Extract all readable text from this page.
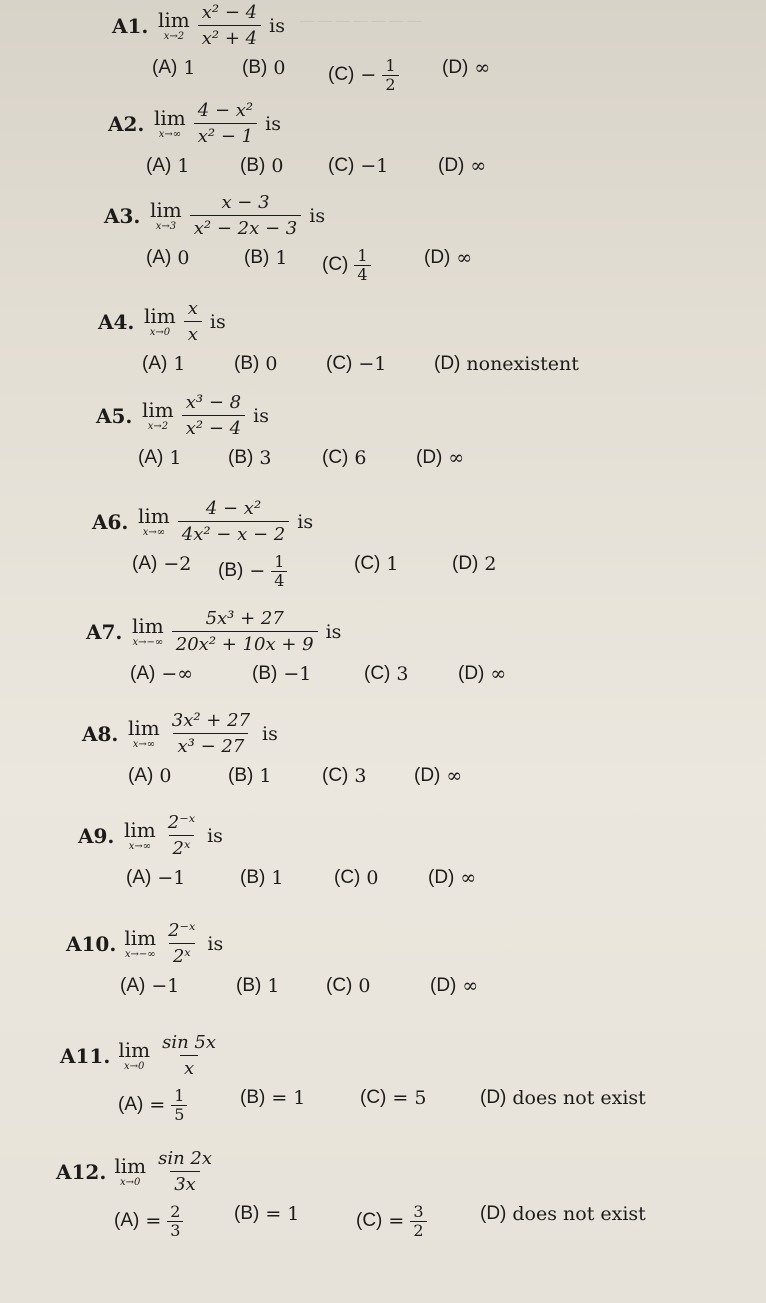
— — — — — — —
A1. lim
$x\to 2 \frac{\text{x² − 4}}{\text{x² + 4}}$ is
(A) 1 (B) 0 $(C) - \frac{1}{2} (D)$ ∞
A2. lim
$x\to\infty \frac{\text{4 − x²}}{\text{x² − 1}}$ is
(A) 1	(B) 0 (C) −1	(D) ∞
A3. lim
$x\to 3 \frac{x - 3}{\text{x² − 2x − 3}}$ is
(A) 0	(B) 1 $(C) \frac{1}{4}$	(D) ∞
A4. lim
$x\to 0 \frac{x}{x}$ is
(A) 1	(B) 0	(C) −1	(D) nonexistent
A5. lim
$x\to 2 \frac{\text{x³ − 8}}{\text{x² − 4}}$ is
(A) 1 (B) 3	(C) 6	(D) ∞
A6. lim
$x\to\infty \frac{\text{4 − x²}}{\text{4x² − x − 2}}$ is
(A) −2 $(B) - \frac{1}{4}$	(C) 1	(D) 2
A7. lim
$x\to-\infty \frac{\text{5x³ + 27}}{\text{20x² + 10x + 9}}$ is
(A) −∞	(B) −1	(C) 3	(D) ∞
A8. lim
$x\to\infty \frac{\text{3x² + 27}}{\text{x³ − 27}}$ is
(A) 0	(B) 1	(C) 3	(D) ∞
A9. lim
$x\to\infty \frac{\text{2⁻ˣ}}{\text{2ˣ}}$ is
(A) −1	(B) 1	(C) 0	(D) ∞
A10. lim
$x\to-\infty \frac{\text{2⁻ˣ}}{\text{2ˣ}}$ is
(A) −1	(B) 1 (C) 0	(D) ∞
A11. lim
$x\to 0 \frac{\sin 5x}{x}$
$(A) = \frac{1}{5}$	(B) = 1	(C) = 5	(D) does not exist
A12. lim
$x\to 0 \frac{\sin 2x}{3x}$
$(A) = \frac{2}{3}$	(B) = 1	$(C) = \frac{3}{2}$	(D) does not exist
